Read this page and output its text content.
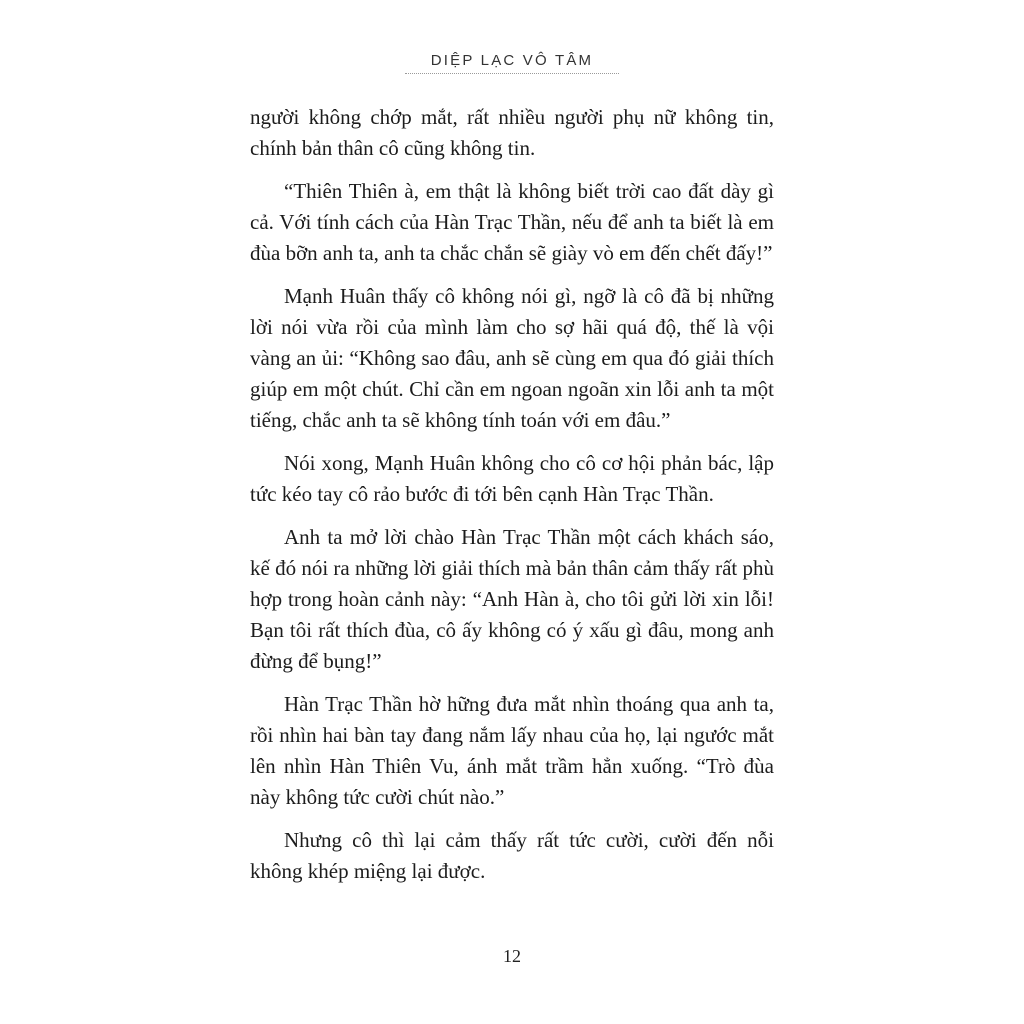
DIỆP LẠC VÔ TÂM

người không chớp mắt, rất nhiều người phụ nữ không tin, chính bản thân cô cũng không tin.

“Thiên Thiên à, em thật là không biết trời cao đất dày gì cả. Với tính cách của Hàn Trạc Thần, nếu để anh ta biết là em đùa bỡn anh ta, anh ta chắc chắn sẽ giày vò em đến chết đấy!”

Mạnh Huân thấy cô không nói gì, ngỡ là cô đã bị những lời nói vừa rồi của mình làm cho sợ hãi quá độ, thế là vội vàng an ủi: “Không sao đâu, anh sẽ cùng em qua đó giải thích giúp em một chút. Chỉ cần em ngoan ngoãn xin lỗi anh ta một tiếng, chắc anh ta sẽ không tính toán với em đâu.”

Nói xong, Mạnh Huân không cho cô cơ hội phản bác, lập tức kéo tay cô rảo bước đi tới bên cạnh Hàn Trạc Thần.

Anh ta mở lời chào Hàn Trạc Thần một cách khách sáo, kế đó nói ra những lời giải thích mà bản thân cảm thấy rất phù hợp trong hoàn cảnh này: “Anh Hàn à, cho tôi gửi lời xin lỗi! Bạn tôi rất thích đùa, cô ấy không có ý xấu gì đâu, mong anh đừng để bụng!”

Hàn Trạc Thần hờ hững đưa mắt nhìn thoáng qua anh ta, rồi nhìn hai bàn tay đang nắm lấy nhau của họ, lại ngước mắt lên nhìn Hàn Thiên Vu, ánh mắt trầm hẳn xuống. “Trò đùa này không tức cười chút nào.”

Nhưng cô thì lại cảm thấy rất tức cười, cười đến nỗi không khép miệng lại được.

12
